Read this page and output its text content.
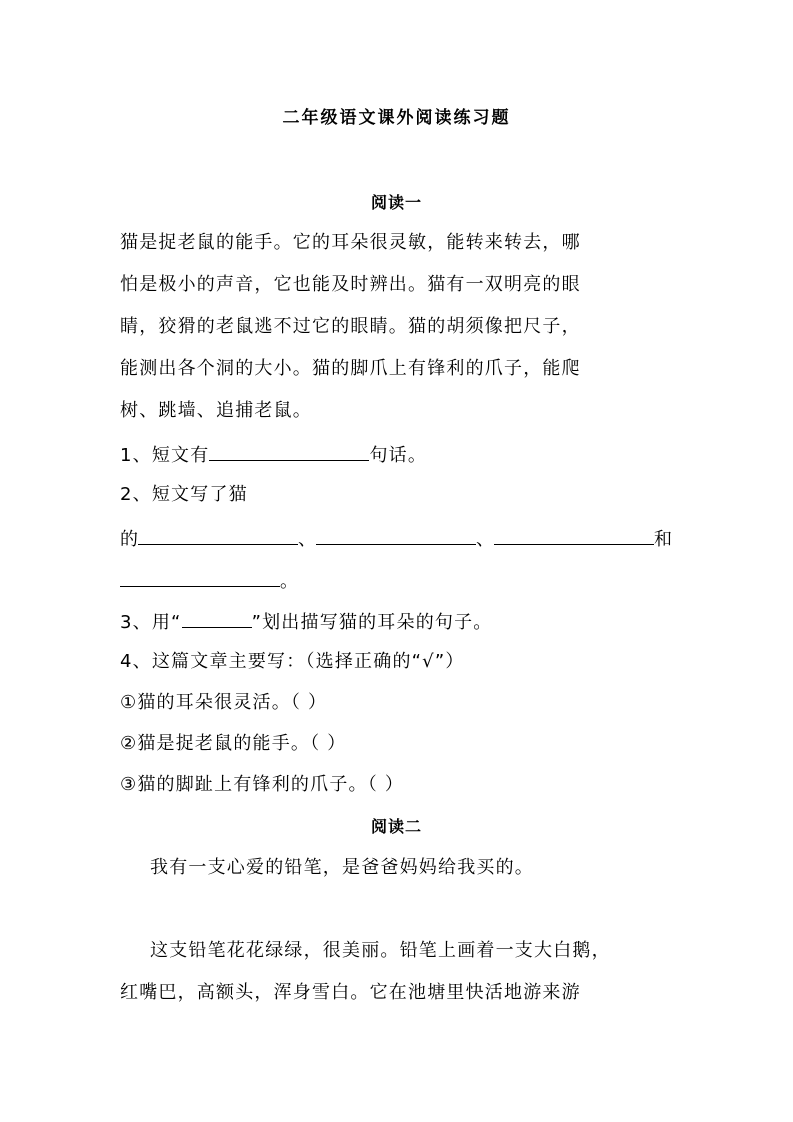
二年级语文课外阅读练习题
阅读一
猫是捉老鼠的能手。它的耳朵很灵敏，能转来转去，哪
怕是极小的声音，它也能及时辨出。猫有一双明亮的眼
睛，狡猾的老鼠逃不过它的眼睛。猫的胡须像把尺子，
能测出各个洞的大小。猫的脚爪上有锋利的爪子，能爬
树、跳墙、追捕老鼠。
1、短文有	句话。
2、短文写了猫
的	、	、	和
。
3、用“	”划出描写猫的耳朵的句子。
4、这篇文章主要写：（选择正确的“√”）
①猫的耳朵很灵活。（ ）
②猫是捉老鼠的能手。（ ）
③猫的脚趾上有锋利的爪子。（ ）
阅读二
我有一支心爱的铅笔，是爸爸妈妈给我买的。
这支铅笔花花绿绿，很美丽。铅笔上画着一支大白鹅，
红嘴巴，高额头，浑身雪白。它在池塘里快活地游来游
